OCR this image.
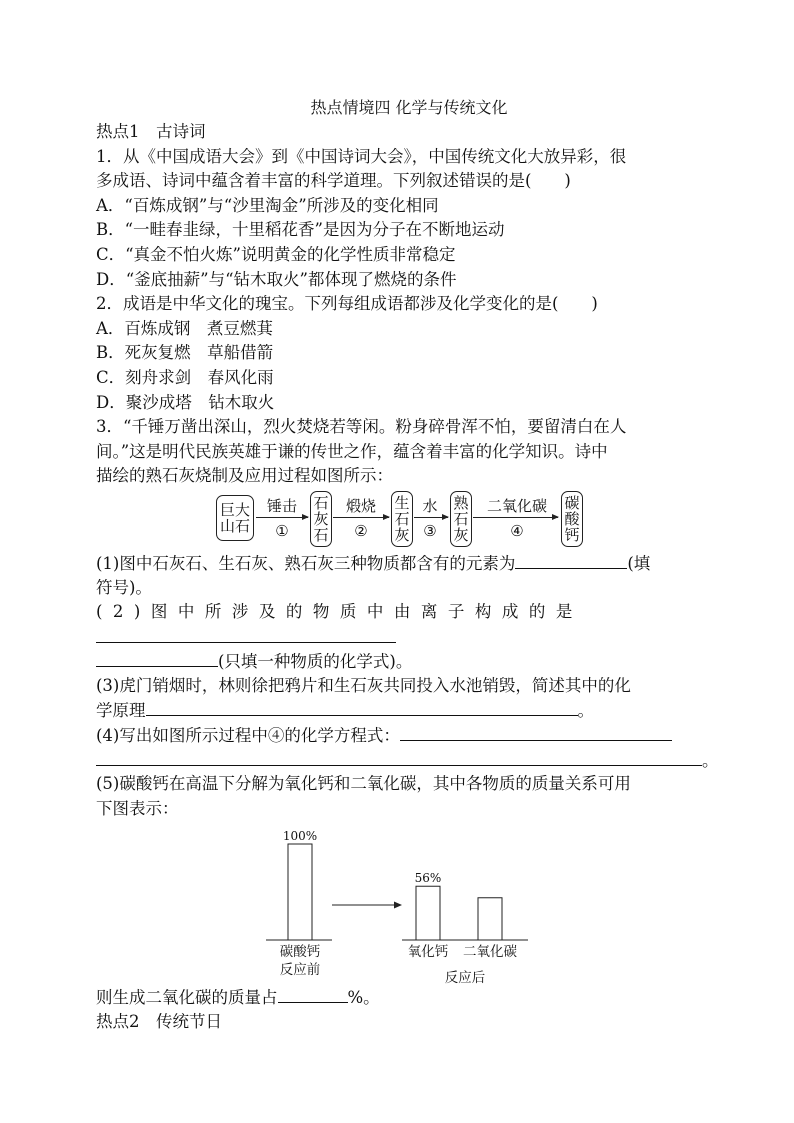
热点情境四 化学与传统文化
热点1　古诗词
1．从《中国成语大会》到《中国诗词大会》，中国传统文化大放异彩，很
多成语、诗词中蕴含着丰富的科学道理。下列叙述错误的是(　　)
A．“百炼成钢”与“沙里淘金”所涉及的变化相同
B．“一畦春韭绿，十里稻花香”是因为分子在不断地运动
C．“真金不怕火炼”说明黄金的化学性质非常稳定
D．“釜底抽薪”与“钻木取火”都体现了燃烧的条件
2．成语是中华文化的瑰宝。下列每组成语都涉及化学变化的是(　　)
A．百炼成钢　煮豆燃萁
B．死灰复燃　草船借箭
C．刻舟求剑　春风化雨
D．聚沙成塔　钻木取火
3．“千锤万凿出深山，烈火焚烧若等闲。粉身碎骨浑不怕，要留清白在人
间。”这是明代民族英雄于谦的传世之作，蕴含着丰富的化学知识。诗中
描绘的熟石灰烧制及应用过程如图所示：
巨大
山石
锤击
①
石
灰
石
煅烧
②
生
石
灰
水
③
熟
石
灰
二氧化碳
④
碳
酸
钙
(1)图中石灰石、生石灰、熟石灰三种物质都含有的元素为	(填
符号)。
(2)图中所涉及的物质中由离子构成的是
(只填一种物质的化学式)。
(3)虎门销烟时，林则徐把鸦片和生石灰共同投入水池销毁，简述其中的化
学原理	。
(4)写出如图所示过程中④的化学方程式：
。
(5)碳酸钙在高温下分解为氧化钙和二氧化碳，其中各物质的质量关系可用
下图表示：
100%
碳酸钙
56%
氧化钙 二氧化碳
反应前	反应后
则生成二氧化碳的质量占	%。
热点2　传统节日
